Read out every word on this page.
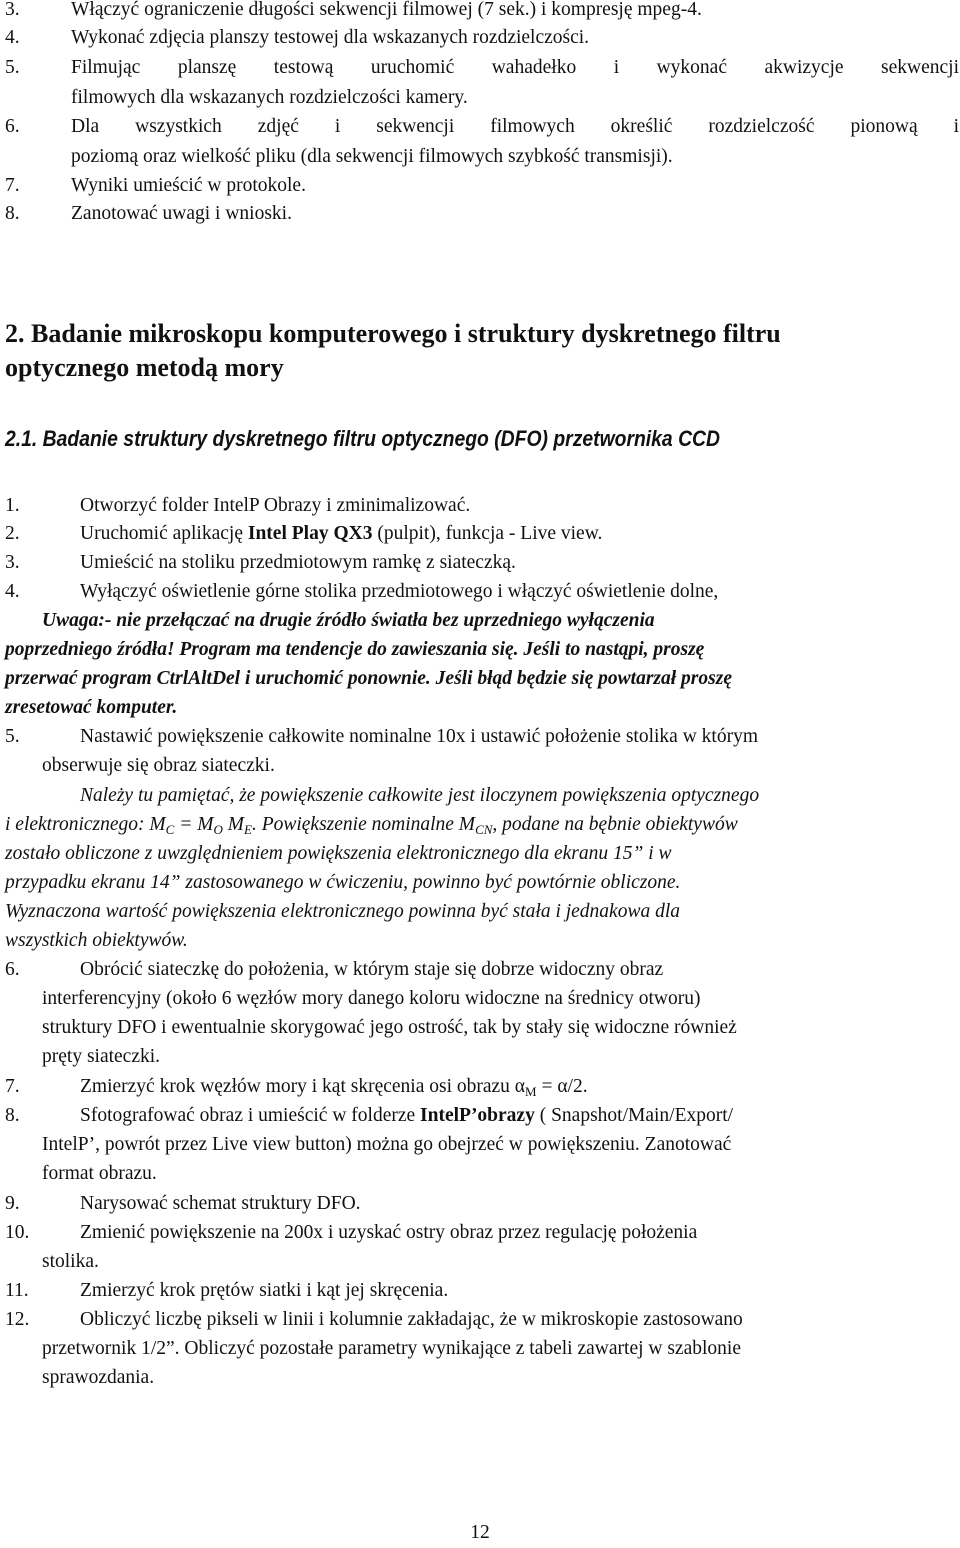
3.	Włączyć ograniczenie długości sekwencji filmowej (7 sek.) i kompresję mpeg-4.
4.	Wykonać zdjęcia planszy testowej dla wskazanych rozdzielczości.
5.	Filmując planszę testową uruchomić wahadełko i wykonać akwizycje sekwencji
filmowych dla wskazanych rozdzielczości kamery.
6.	Dla wszystkich zdjęć i sekwencji filmowych określić rozdzielczość pionową i
poziomą oraz wielkość pliku (dla sekwencji filmowych szybkość transmisji).
7.	Wyniki umieścić w protokole.
8.	Zanotować uwagi i wnioski.
2. Badanie mikroskopu komputerowego i struktury dyskretnego filtru
optycznego metodą mory
2.1. Badanie struktury dyskretnego filtru optycznego (DFO) przetwornika CCD
1.	Otworzyć folder IntelP Obrazy i zminimalizować.
2.	Uruchomić aplikację Intel Play QX3 (pulpit), funkcja - Live view.
3.	Umieścić na stoliku przedmiotowym ramkę z siateczką.
4.	Wyłączyć oświetlenie górne stolika przedmiotowego i włączyć oświetlenie dolne,
Uwaga:- nie przełączać na drugie źródło światła bez uprzedniego wyłączenia
poprzedniego źródła! Program ma tendencje do zawieszania się. Jeśli to nastąpi, proszę
przerwać program CtrlAltDel i uruchomić ponownie. Jeśli błąd będzie się powtarzał proszę
zresetować komputer.
5.	Nastawić powiększenie całkowite nominalne 10x i ustawić położenie stolika w którym
obserwuje się obraz siateczki.
Należy tu pamiętać, że powiększenie całkowite jest iloczynem powiększenia optycznego
i elektronicznego: $M_C = M_O$ $M_E$. Powiększenie nominalne $M_{CN}$, podane na bębnie obiektywów
zostało obliczone z uwzględnieniem powiększenia elektronicznego dla ekranu 15” i w
przypadku ekranu 14” zastosowanego w ćwiczeniu, powinno być powtórnie obliczone.
Wyznaczona wartość powiększenia elektronicznego powinna być stała i jednakowa dla
wszystkich obiektywów.
6.	Obrócić siateczkę do położenia, w którym staje się dobrze widoczny obraz
interferencyjny (około 6 węzłów mory danego koloru widoczne na średnicy otworu)
struktury DFO i ewentualnie skorygować jego ostrość, tak by stały się widoczne również
pręty siateczki.
7.	Zmierzyć krok węzłów mory i kąt skręcenia osi obrazu $\alpha_M = \alpha/2$.
8.	Sfotografować obraz i umieścić w folderze IntelP’obrazy ( Snapshot/Main/Export/
IntelP’, powrót przez Live view button) można go obejrzeć w powiększeniu. Zanotować
format obrazu.
9.	Narysować schemat struktury DFO.
10.	Zmienić powiększenie na 200x i uzyskać ostry obraz przez regulację położenia
stolika.
11.	Zmierzyć krok prętów siatki i kąt jej skręcenia.
12.	Obliczyć liczbę pikseli w linii i kolumnie zakładając, że w mikroskopie zastosowano
przetwornik 1/2”. Obliczyć pozostałe parametry wynikające z tabeli zawartej w szablonie
sprawozdania.
12
